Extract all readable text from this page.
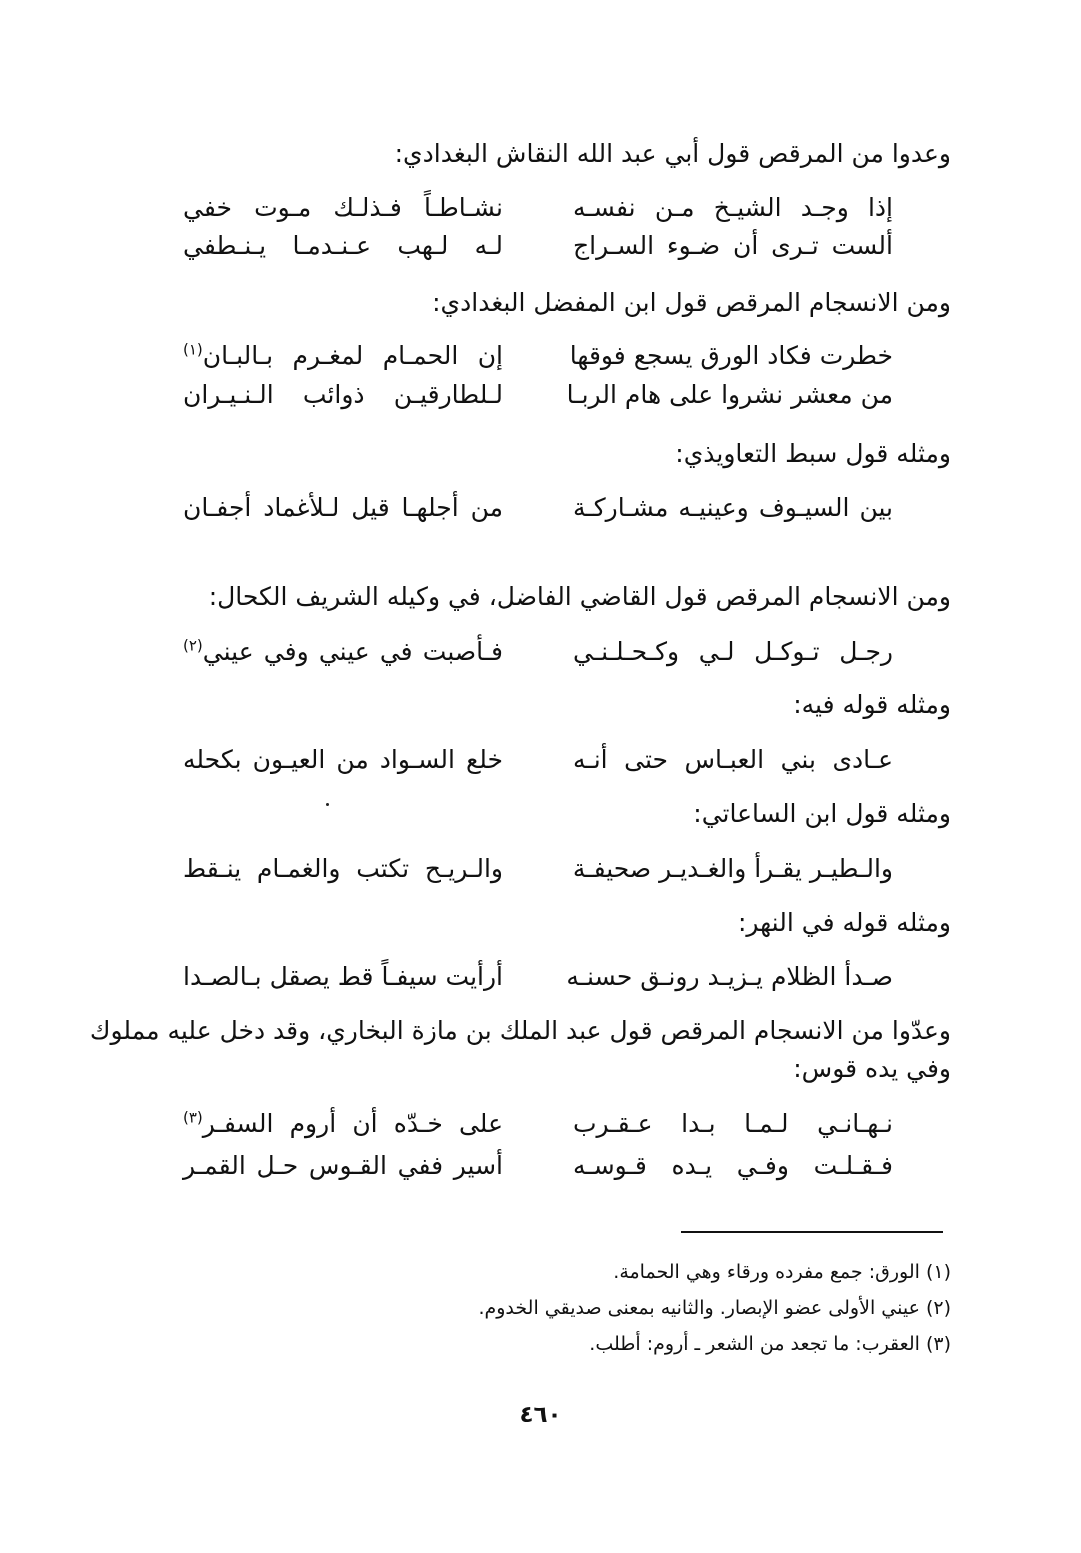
وعدوا من المرقص قول أبي عبد الله النقاش البغدادي:
إذا وجـد الشيـخ مـن نفسـه
نشـاطـاً فـذلـك مـوت خفي
ألست تـرى أن ضـوء السـراج
لـه لـهب عـنـدمـا يـنـطفي
ومن الانسجام المرقص قول ابن المفضل البغدادي:
خطرت فكاد الورق يسجع فوقها
إن الحمـام لمغـرم بـالبـان$^{(١)}$
من معشر نشروا على هام الربـا
لـلطارقيـن ذوائب الـنـيـران
ومثله قول سبط التعاويذي:
بين السيـوف وعينيـه مشـاركـة
من أجلهـا قيل لـلأغماد أجفـان
ومن الانسجام المرقص قول القاضي الفاضل، في وكيله الشريف الكحال:
رجـل تـوكـل لـي وكـحـلـنـي
فـأصبت في عيني وفي عيني$^{(٢)}$
ومثله قوله فيه:
عـادى بني العبـاس حتى أنـه
خلع السـواد من العيـون بكحله
ومثله قول ابن الساعاتي:
والـطيـر يقـرأ والغـديـر صحيفـة
والـريـح تكتب والغمـام ينـقط
ومثله قوله في النهر:
صـدأ الظلام يـزيـد رونـق حسنـه
أرأيت سيفـاً قط يصقل بـالصـدا
وعدّوا من الانسجام المرقص قول عبد الملك بن مازة البخاري، وقد دخل عليه مملوك
وفي يده قوس:
نـهـانـي لـمـا بـدا عـقـرب
على خـدّه أن أروم السفـر$^{(٣)}$
فـقـلـت وفـي يـده قـوسـه
أسير ففي القـوس حـل القمـر
(١) الورق: جمع مفرده ورقاء وهي الحمامة.
(٢) عيني الأولى عضو الإبصار. والثانيه بمعنى صديقي الخدوم.
(٣) العقرب: ما تجعد من الشعر ـ أروم: أطلب.
٤٦٠
